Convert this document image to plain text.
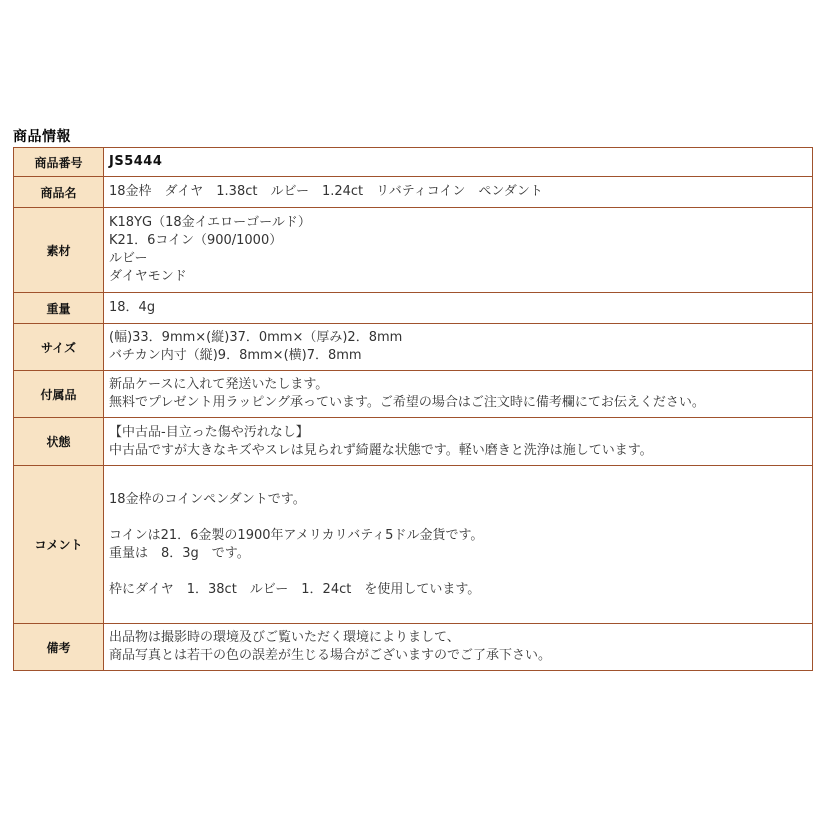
商品情報
商品番号	JS5444

商品名	18金枠　ダイヤ　1.38ct　ルビー　1.24ct　リバティコイン　ペンダント

素材	K18YG（18金イエローゴールド）
K21．6コイン（900/1000）
ルビー
ダイヤモンド

重量	18．4g

サイズ	(幅)33．9mm×(縦)37．0mm×（厚み)2．8mm
バチカン内寸（縦)9．8mm×(横)7．8mm

付属品	新品ケースに入れて発送いたします。
無料でプレゼント用ラッピング承っています。ご希望の場合はご注文時に備考欄にてお伝えください。

状態	【中古品-目立った傷や汚れなし】
中古品ですが大きなキズやスレは見られず綺麗な状態です。軽い磨きと洗浄は施しています。

コメント	18金枠のコインペンダントです。
コインは21．6金製の1900年アメリカリバティ5ドル金貨です。
重量は　8．3g　です。
枠にダイヤ　1．38ct　ルビー　1．24ct　を使用しています。

備考	出品物は撮影時の環境及びご覧いただく環境によりまして、
商品写真とは若干の色の誤差が生じる場合がございますのでご了承下さい。
